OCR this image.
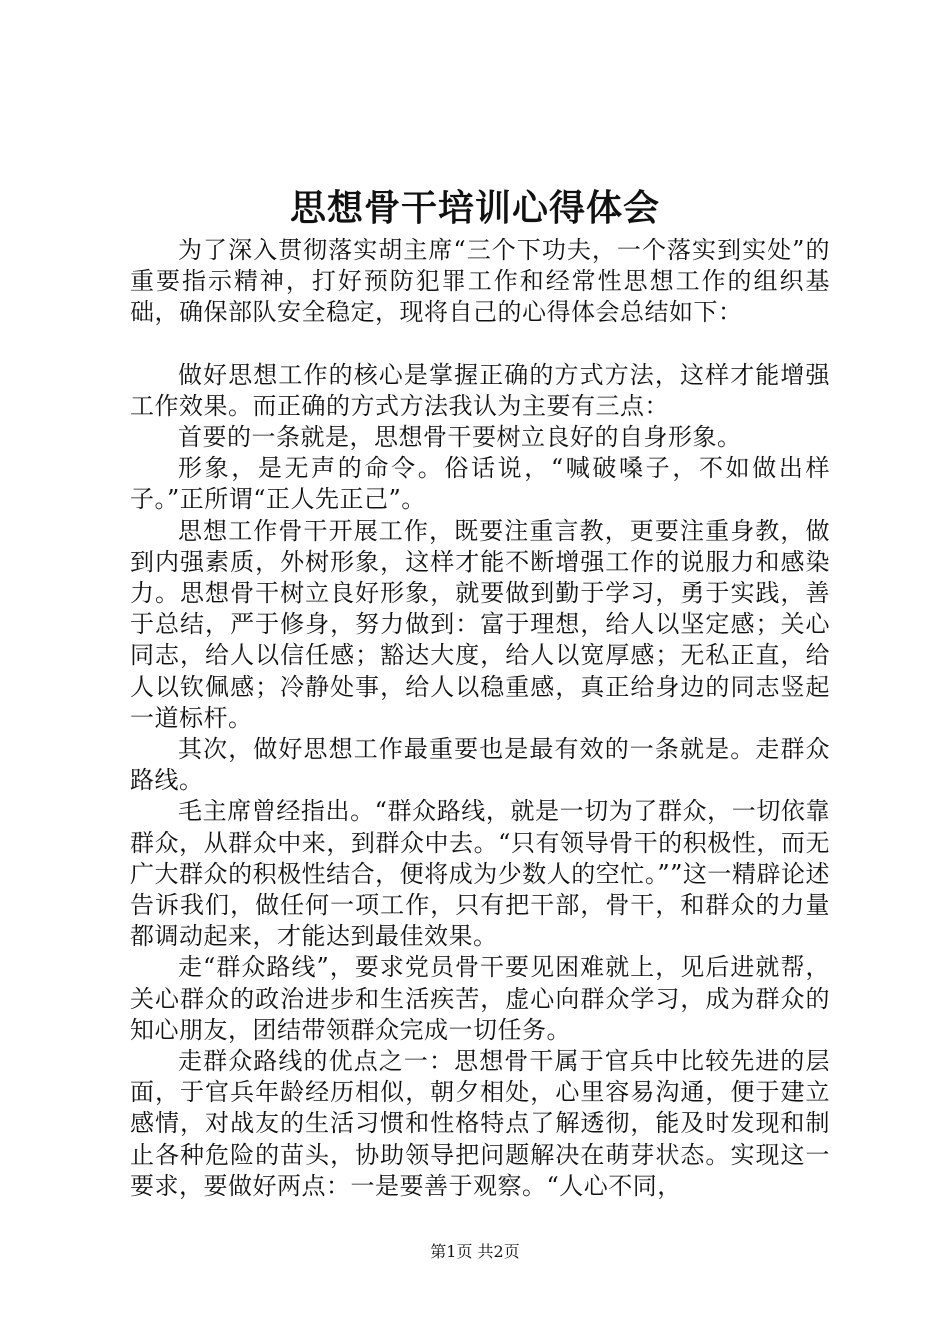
思想骨干培训心得体会

为了深入贯彻落实胡主席“三个下功夫，一个落实到实处”的重要指示精神，打好预防犯罪工作和经常性思想工作的组织基础，确保部队安全稳定，现将自己的心得体会总结如下：

做好思想工作的核心是掌握正确的方式方法，这样才能增强工作效果。而正确的方式方法我认为主要有三点：

首要的一条就是，思想骨干要树立良好的自身形象。

形象，是无声的命令。俗话说，“喊破嗓子，不如做出样子。”正所谓“正人先正己”。

思想工作骨干开展工作，既要注重言教，更要注重身教，做到内强素质，外树形象，这样才能不断增强工作的说服力和感染力。思想骨干树立良好形象，就要做到勤于学习，勇于实践，善于总结，严于修身，努力做到：富于理想，给人以坚定感；关心同志，给人以信任感；豁达大度，给人以宽厚感；无私正直，给人以钦佩感；冷静处事，给人以稳重感，真正给身边的同志竖起一道标杆。

其次，做好思想工作最重要也是最有效的一条就是。走群众路线。

毛主席曾经指出。“群众路线，就是一切为了群众，一切依靠群众，从群众中来，到群众中去。“只有领导骨干的积极性，而无广大群众的积极性结合，便将成为少数人的空忙。””这一精辟论述告诉我们，做任何一项工作，只有把干部，骨干，和群众的力量都调动起来，才能达到最佳效果。

走“群众路线”，要求党员骨干要见困难就上，见后进就帮，关心群众的政治进步和生活疾苦，虚心向群众学习，成为群众的知心朋友，团结带领群众完成一切任务。

走群众路线的优点之一：思想骨干属于官兵中比较先进的层面，于官兵年龄经历相似，朝夕相处，心里容易沟通，便于建立感情，对战友的生活习惯和性格特点了解透彻，能及时发现和制止各种危险的苗头，协助领导把问题解决在萌芽状态。实现这一要求，要做好两点：一是要善于观察。“人心不同，

第1页 共2页
